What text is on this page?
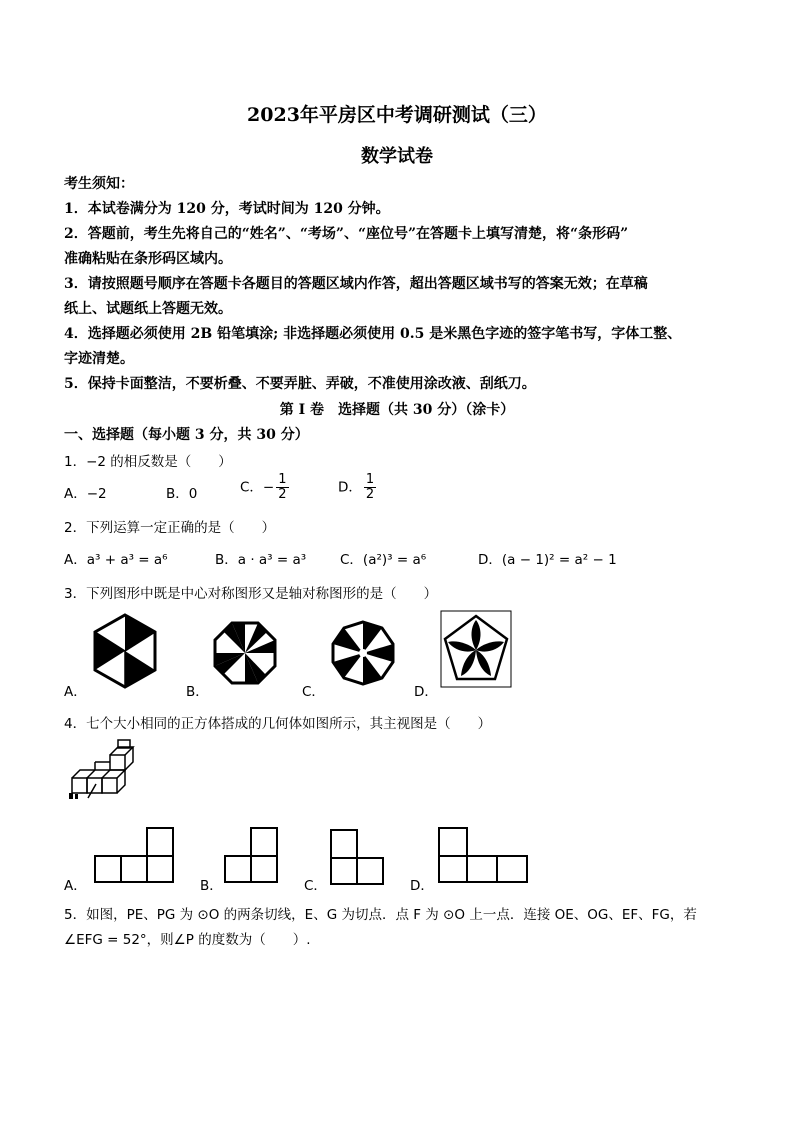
2023年平房区中考调研测试（三）
数学试卷
考生须知：
1．本试卷满分为 120 分，考试时间为 120 分钟。
2．答题前，考生先将自己的“姓名”、“考场”、“座位号”在答题卡上填写清楚，将“条形码”
准确粘贴在条形码区域内。
3．请按照题号顺序在答题卡各题目的答题区域内作答，超出答题区域书写的答案无效；在草稿
纸上、试题纸上答题无效。
4．选择题必须使用 2B 铅笔填涂; 非选择题必须使用 0.5 是米黑色字迹的签字笔书写，字体工整、
字迹清楚。
5．保持卡面整洁，不要析叠、不要弄脏、弄破，不准使用涂改液、刮纸刀。
第 I 卷　选择题（共 30 分）（涂卡）
一、选择题（每小题 3 分，共 30 分）
1．−2 的相反数是（　　）
A．−2	B．0	C．− $\frac{1}{2}$	D． $\frac{1}{2}$
2．下列运算一定正确的是（　　）
A．a³ + a³ = a⁶	B．a · a³ = a³	C．(a²)³ = a⁶	D．(a − 1)² = a² − 1
3．下列图形中既是中心对称图形又是轴对称图形的是（　　）
A．	B．	C．	D．
4．七个大小相同的正方体搭成的几何体如图所示，其主视图是（　　）
A．	B．	C．	D．
5．如图，PE、PG 为 ⊙O 的两条切线，E、G 为切点．点 F 为 ⊙O 上一点．连接 OE、OG、EF、FG，若
∠EFG = 52°，则∠P 的度数为（　　）.
